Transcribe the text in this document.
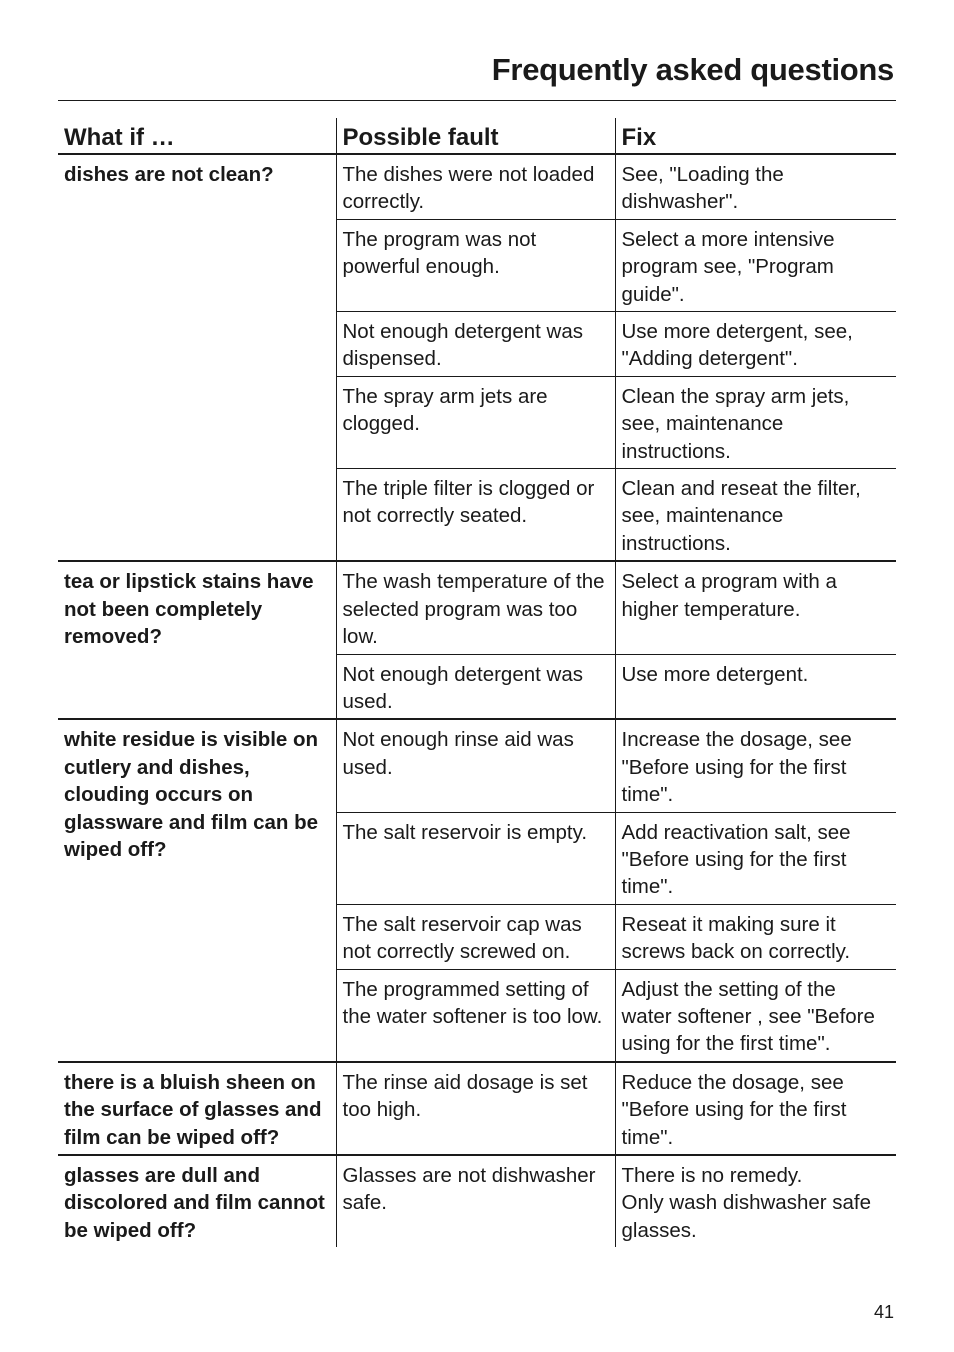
Frequently asked questions
What if …	Possible fault	Fix
dishes are not clean?	The dishes were not loaded correctly.	See, "Loading the dishwasher".
	The program was not powerful enough.	Select a more intensive program see, "Program guide".
	Not enough detergent was dispensed.	Use more detergent, see, "Adding detergent".
	The spray arm jets are clogged.	Clean the spray arm jets, see, maintenance instructions.
	The triple filter is clogged or not correctly seated.	Clean and reseat the filter, see, maintenance instructions.
tea or lipstick stains have not been completely removed?	The wash temperature of the selected program was too low.	Select a program with a higher temperature.
	Not enough detergent was used.	Use more detergent.
white residue is visible on cutlery and dishes, clouding occurs on glassware and film can be wiped off?	Not enough rinse aid was used.	Increase the dosage, see "Before using for the first time".
	The salt reservoir is empty.	Add reactivation salt, see "Before using for the first time".
	The salt reservoir cap was not correctly screwed on.	Reseat it making sure it screws back on correctly.
	The programmed setting of the water softener is too low.	Adjust the setting of the water softener , see "Before using for the first time".
there is a bluish sheen on the surface of glasses and film can be wiped off?	The rinse aid dosage is set too high.	Reduce the dosage, see "Before using for the first time".
glasses are dull and discolored and film cannot be wiped off?	Glasses are not dishwasher safe.	There is no remedy.
Only wash dishwasher safe glasses.
41
